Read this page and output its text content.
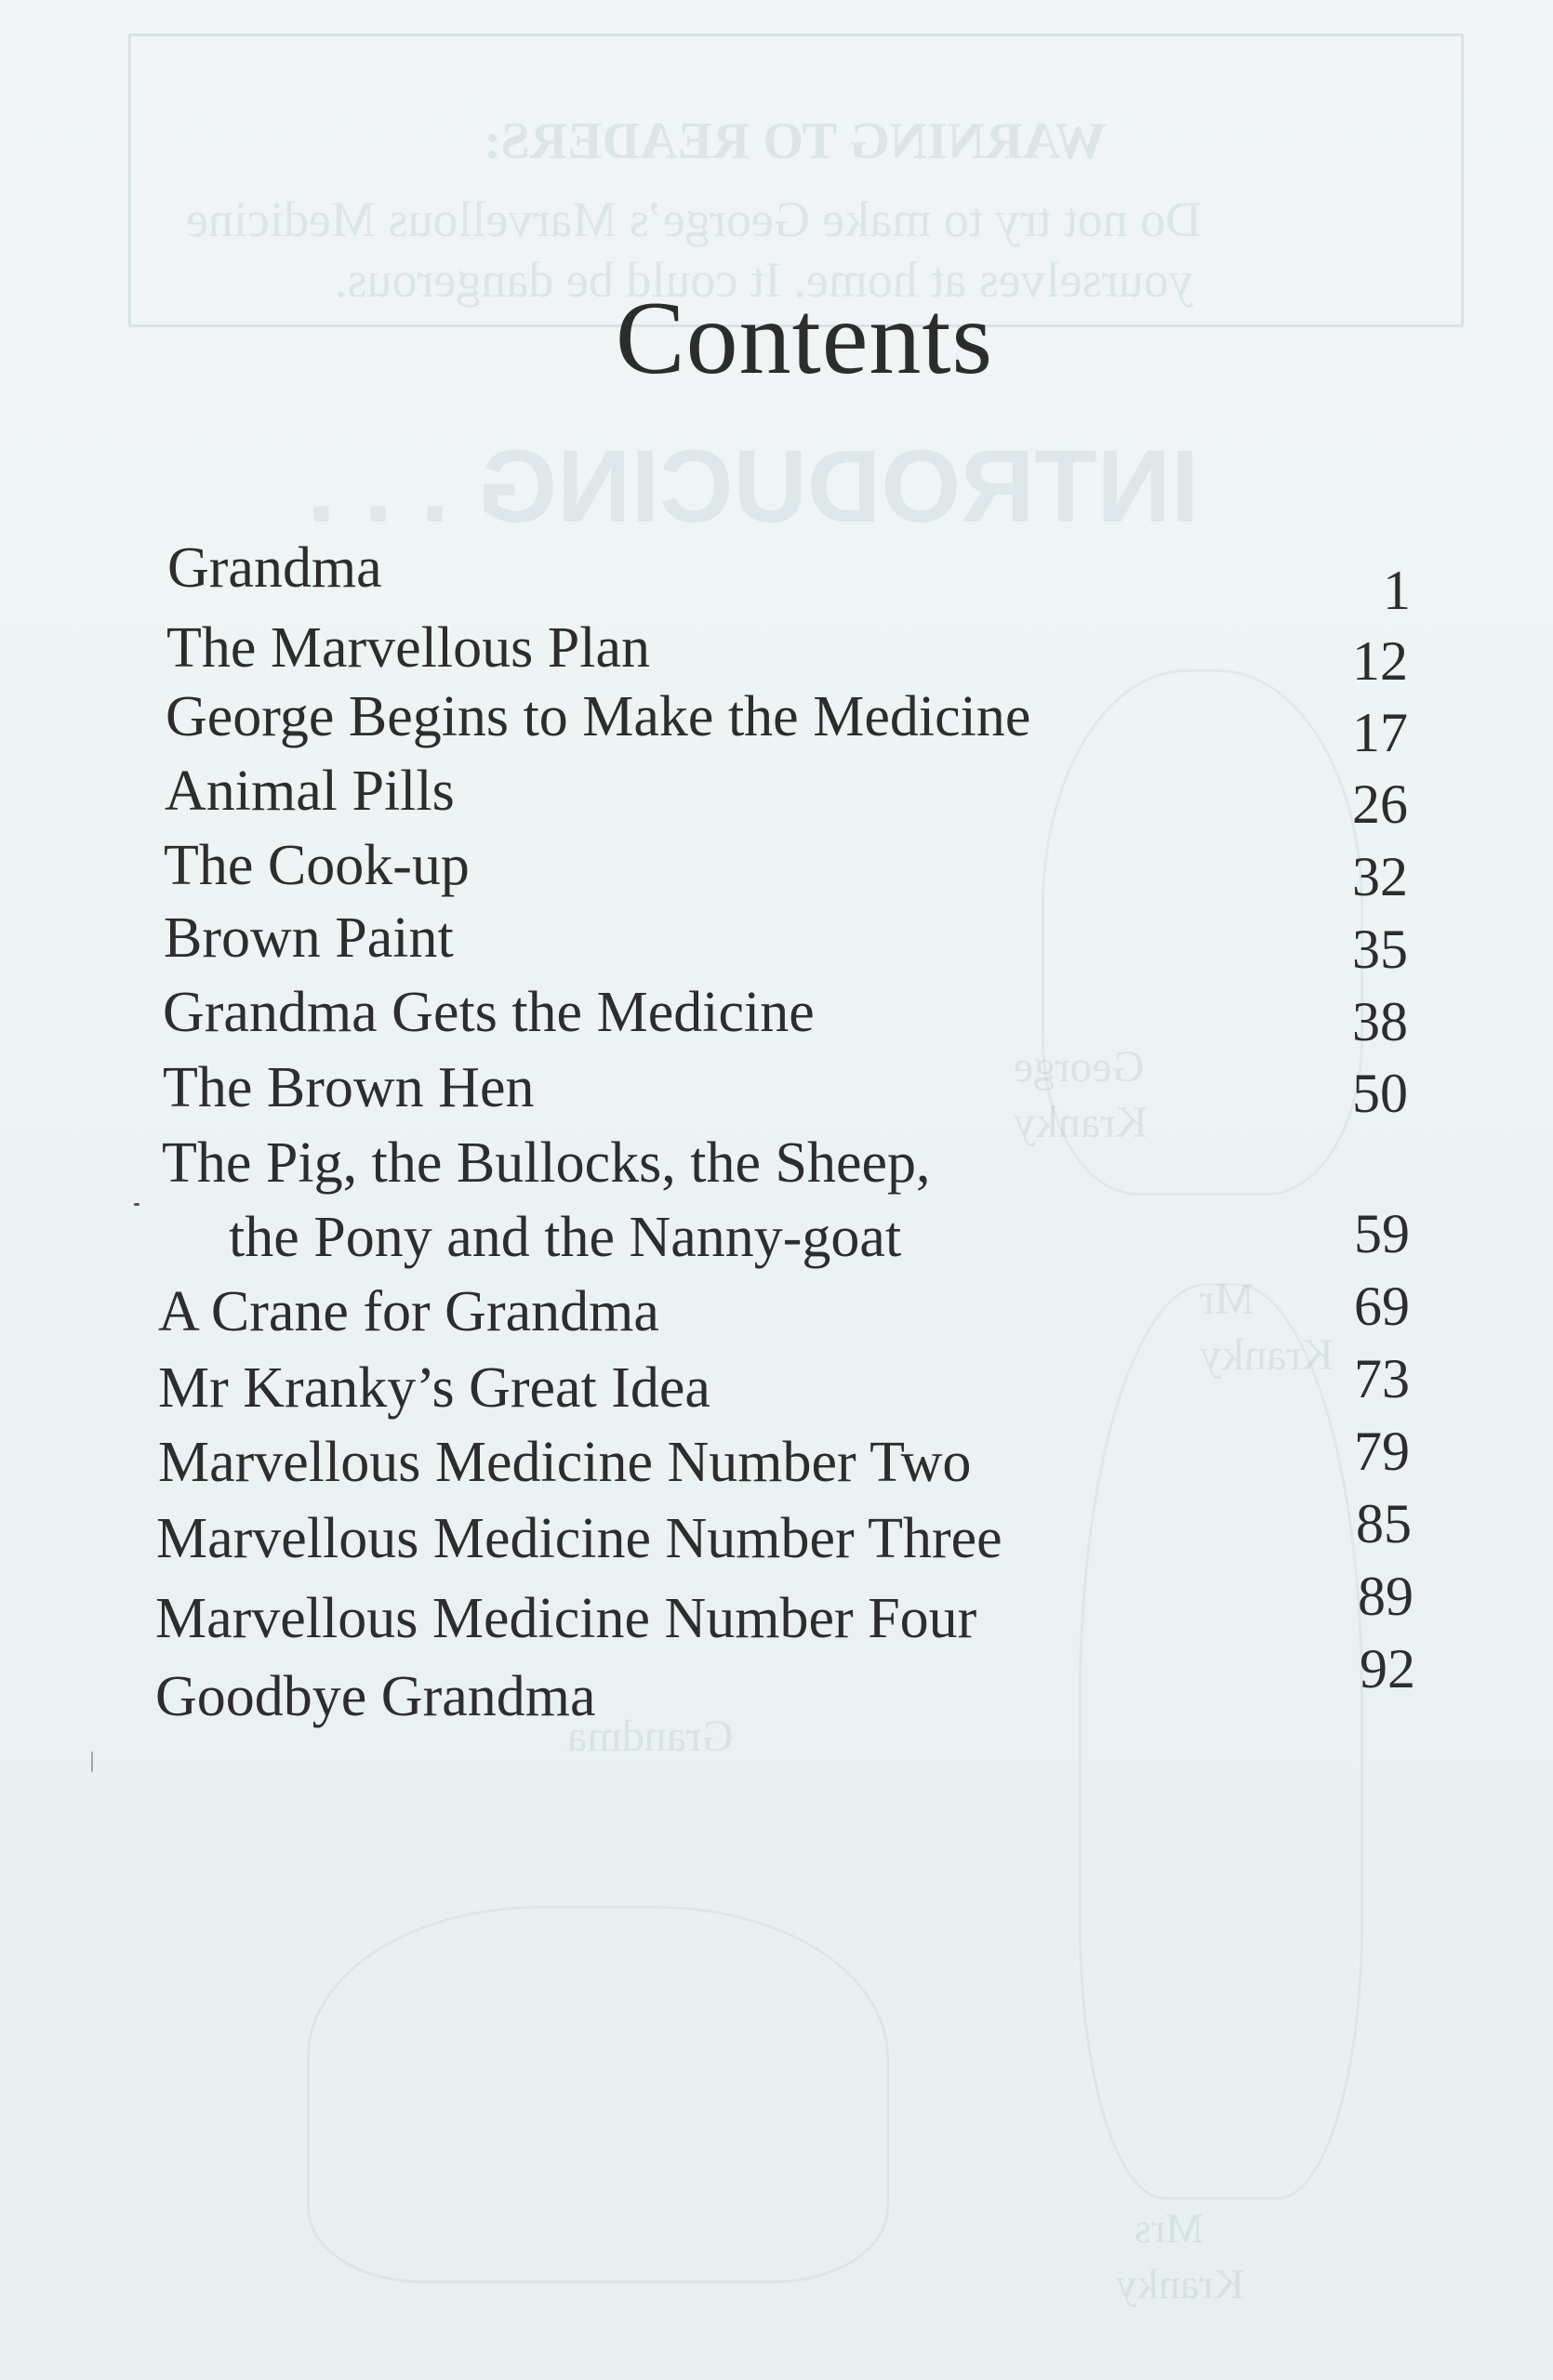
WARNING TO READERS:
Do not try to make George’s Marvellous Medicine
yourselves at home. It could be dangerous.
INTRODUCING . . .
George
Kranky
Mr
Kranky
Grandma
Mrs
Kranky
Contents
Grandma	1
The Marvellous Plan	12
George Begins to Make the Medicine	17
Animal Pills	26
The Cook-up	32
Brown Paint	35
Grandma Gets the Medicine	38
The Brown Hen	50
The Pig, the Bullocks, the Sheep,
the Pony and the Nanny-goat	59
A Crane for Grandma	69
Mr Kranky’s Great Idea	73
Marvellous Medicine Number Two	79
Marvellous Medicine Number Three	85
Marvellous Medicine Number Four	89
Goodbye Grandma	92
